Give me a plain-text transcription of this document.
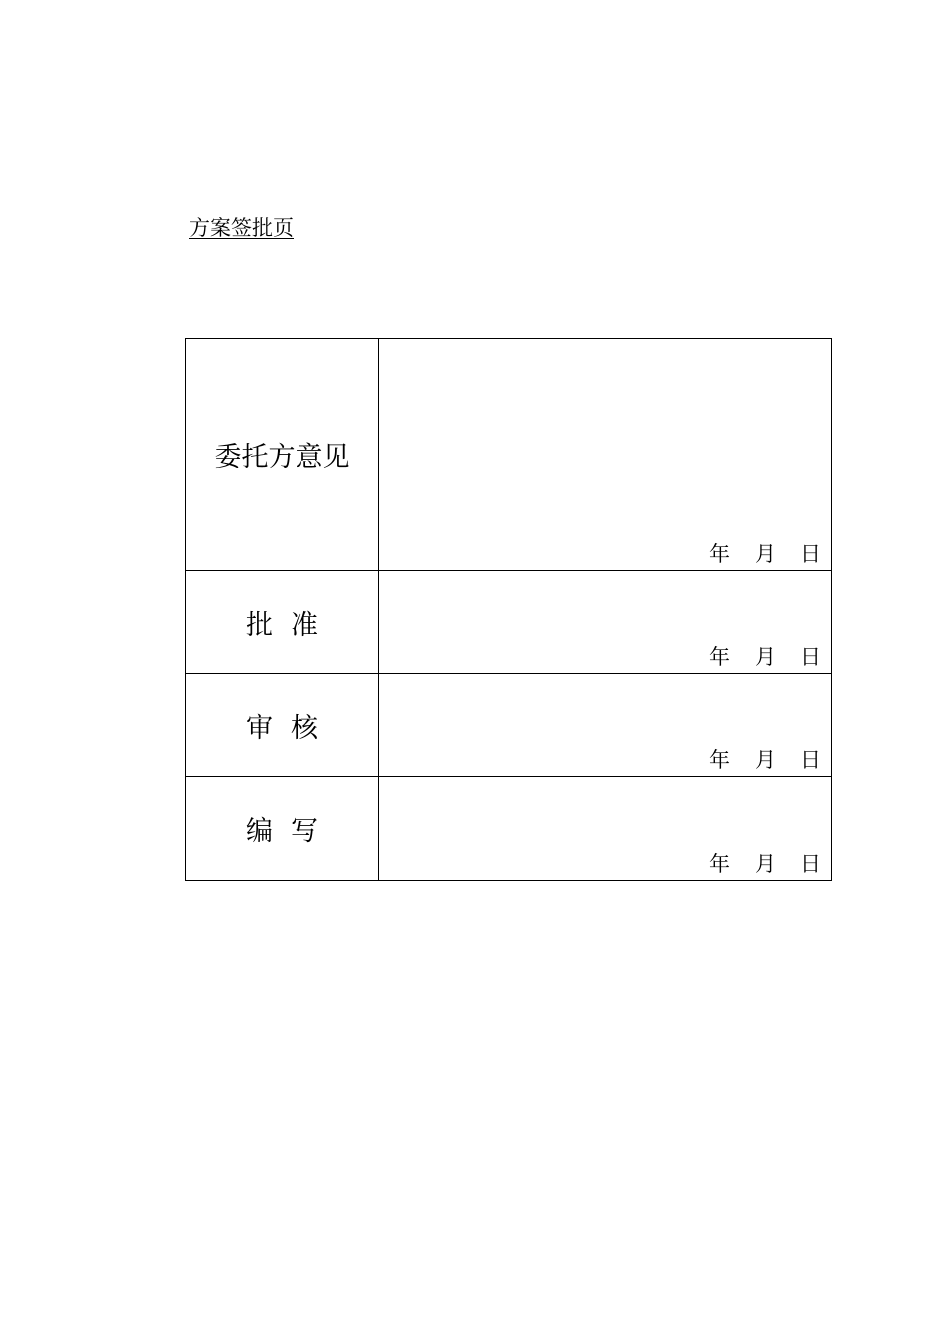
方案签批页
委托方意见	年 月 日

批准	年 月 日

审核	年 月 日

编写	年 月 日
